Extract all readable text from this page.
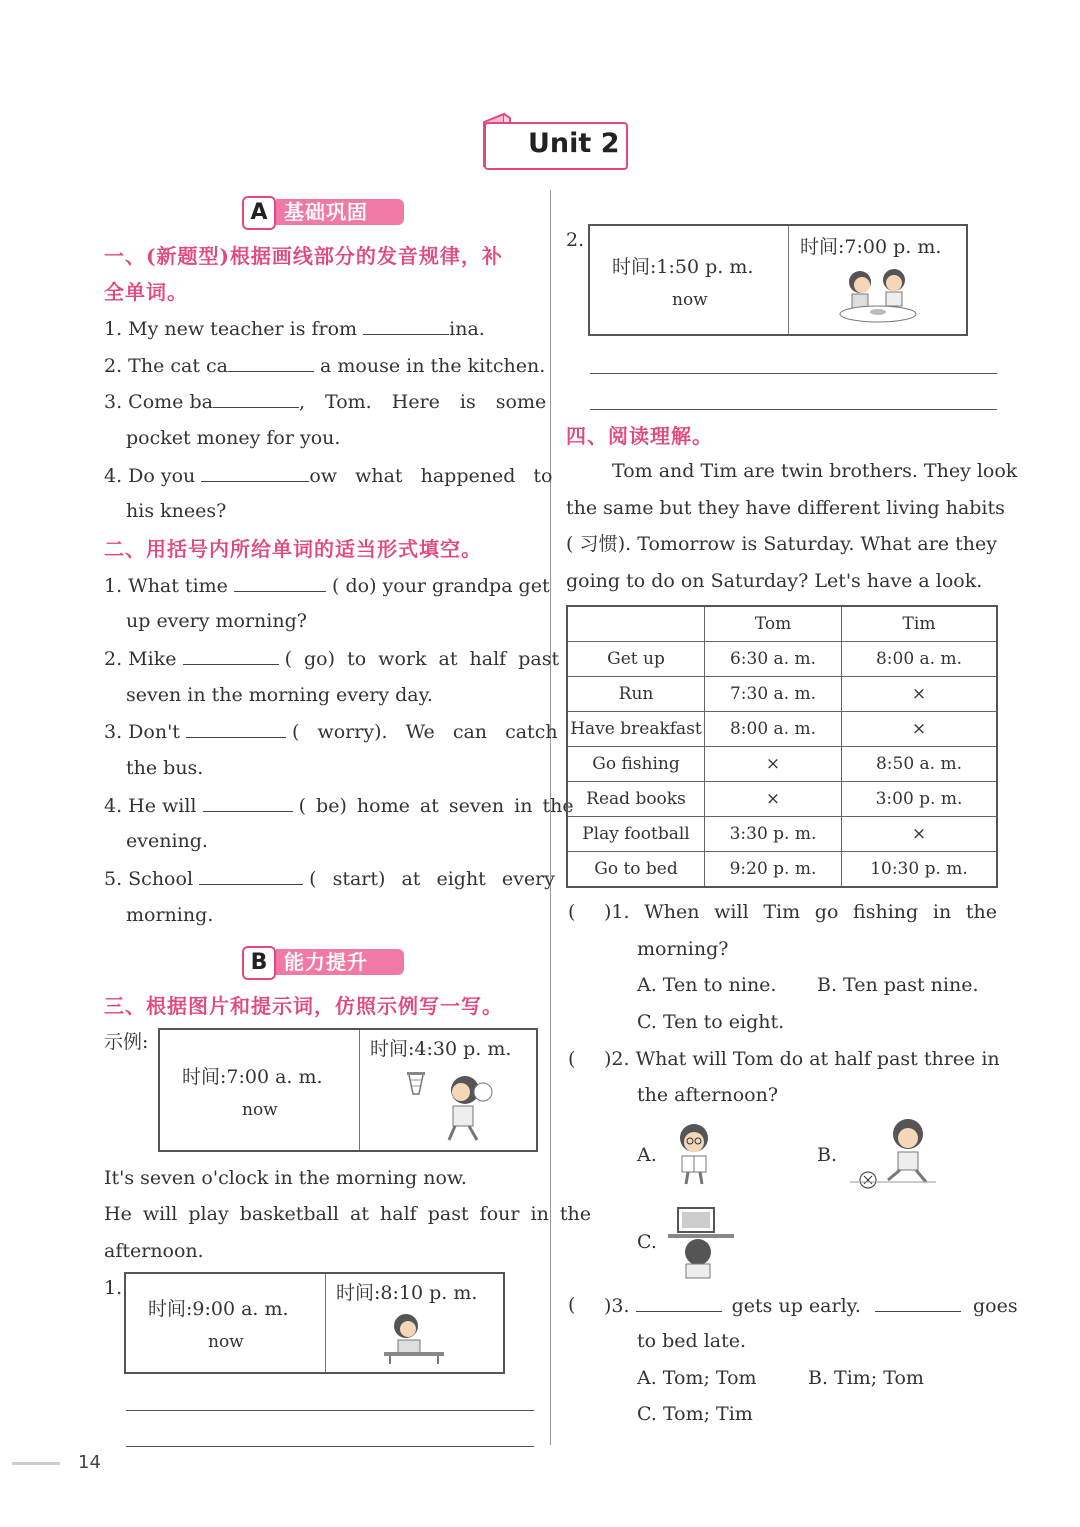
Unit 2
A 基础巩固
一、(新题型)根据画线部分的发音规律，补
全单词。
1. My new teacher is from	ina.
2. The cat ca	a mouse in the kitchen.
3. Come ba	, Tom. Here is some
pocket money for you.
4. Do you	ow what happened to
his knees?
二、用括号内所给单词的适当形式填空。
1. What time	( do) your grandpa get
up every morning?
2. Mike	( go) to work at half past
seven in the morning every day.
3. Don't	( worry). We can catch
the bus.
4. He will	( be) home at seven in the
evening.
5. School	( start) at eight every
morning.
B 能力提升
三、根据图片和提示词，仿照示例写一写。
示例:
时间:7:00 a. m.
now
时间:4:30 p. m.
It's seven o'clock in the morning now.
He will play basketball at half past four in the
afternoon.
1.
时间:9:00 a. m.
now
时间:8:10 p. m.
2.
时间:1:50 p. m.
now
时间:7:00 p. m.
四、阅读理解。
Tom and Tim are twin brothers. They look
the same but they have different living habits
( 习惯). Tomorrow is Saturday. What are they
going to do on Saturday? Let's have a look.
	Tom	Tim
Get up	6:30 a. m.	8:00 a. m.
Run	7:30 a. m.	×
Have breakfast	8:00 a. m.	×
Go fishing	×	8:50 a. m.
Read books	×	3:00 p. m.
Play football	3:30 p. m.	×
Go to bed	9:20 p. m.	10:30 p. m.
( )1. When will Tim go fishing in the
morning?
A. Ten to nine. B. Ten past nine.
C. Ten to eight.
( )2. What will Tom do at half past three in
the afternoon?
A.	B.
C.
( )3.	gets up early.	goes
to bed late.
A. Tom; Tom	B. Tim; Tom
C. Tom; Tim
14
